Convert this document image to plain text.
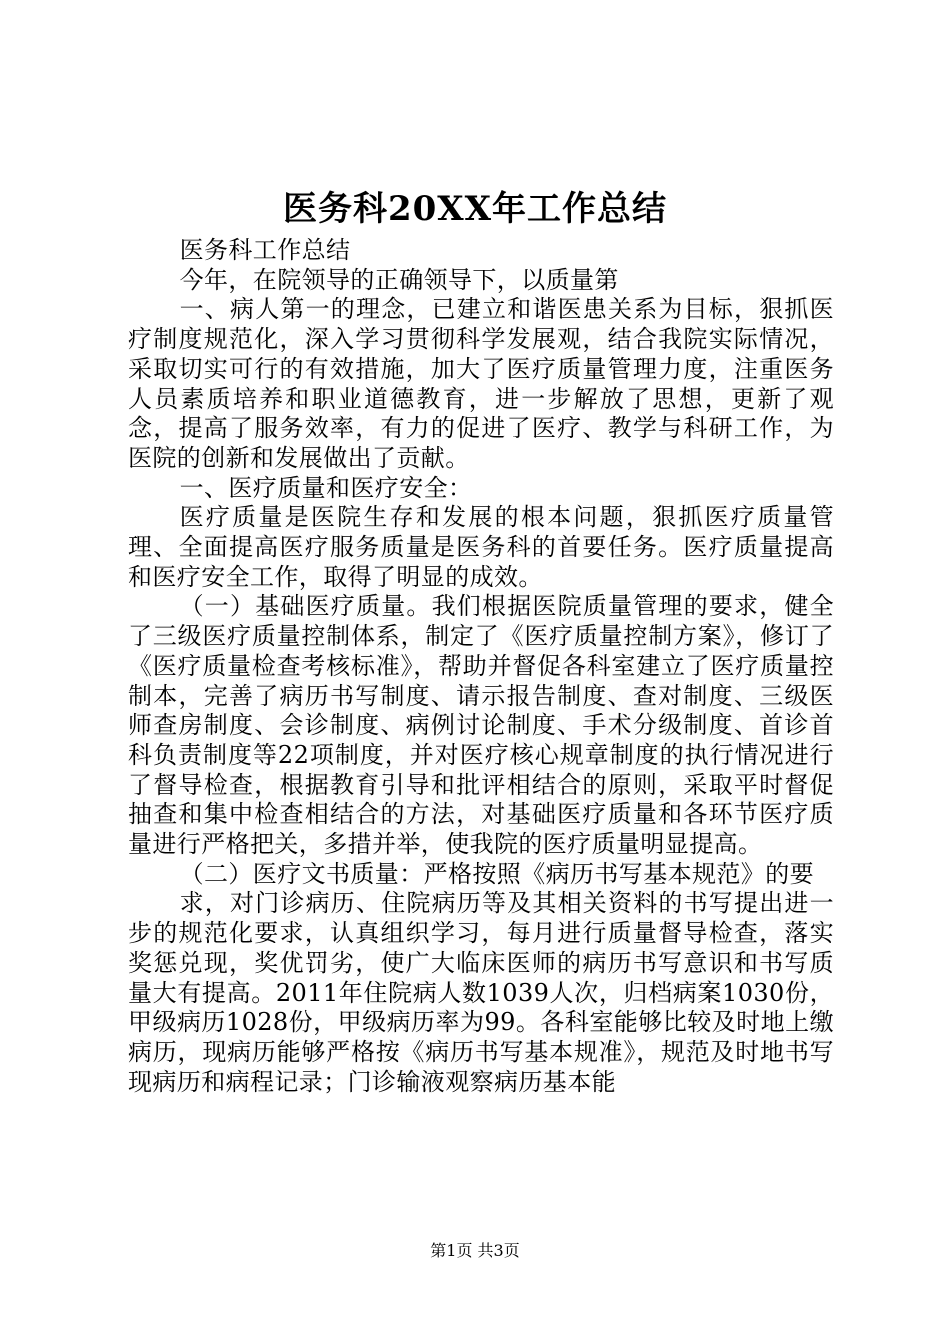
医务科20XX年工作总结

医务科工作总结

今年，在院领导的正确领导下，以质量第

一、病人第一的理念，已建立和谐医患关系为目标，狠抓医疗制度规范化，深入学习贯彻科学发展观，结合我院实际情况，采取切实可行的有效措施，加大了医疗质量管理力度，注重医务人员素质培养和职业道德教育，进一步解放了思想，更新了观念，提高了服务效率，有力的促进了医疗、教学与科研工作，为医院的创新和发展做出了贡献。

一、医疗质量和医疗安全：

医疗质量是医院生存和发展的根本问题，狠抓医疗质量管理、全面提高医疗服务质量是医务科的首要任务。医疗质量提高和医疗安全工作，取得了明显的成效。

（一）基础医疗质量。我们根据医院质量管理的要求，健全了三级医疗质量控制体系，制定了《医疗质量控制方案》，修订了《医疗质量检查考核标准》，帮助并督促各科室建立了医疗质量控制本，完善了病历书写制度、请示报告制度、查对制度、三级医师查房制度、会诊制度、病例讨论制度、手术分级制度、首诊首科负责制度等22项制度，并对医疗核心规章制度的执行情况进行了督导检查，根据教育引导和批评相结合的原则，采取平时督促抽查和集中检查相结合的方法，对基础医疗质量和各环节医疗质量进行严格把关，多措并举，使我院的医疗质量明显提高。

（二）医疗文书质量：严格按照《病历书写基本规范》的要

求，对门诊病历、住院病历等及其相关资料的书写提出进一步的规范化要求，认真组织学习，每月进行质量督导检查，落实奖惩兑现，奖优罚劣，使广大临床医师的病历书写意识和书写质量大有提高。2011年住院病人数1039人次，归档病案1030份，甲级病历1028份，甲级病历率为99。各科室能够比较及时地上缴病历，现病历能够严格按《病历书写基本规准》，规范及时地书写现病历和病程记录；门诊输液观察病历基本能

第1页 共3页
